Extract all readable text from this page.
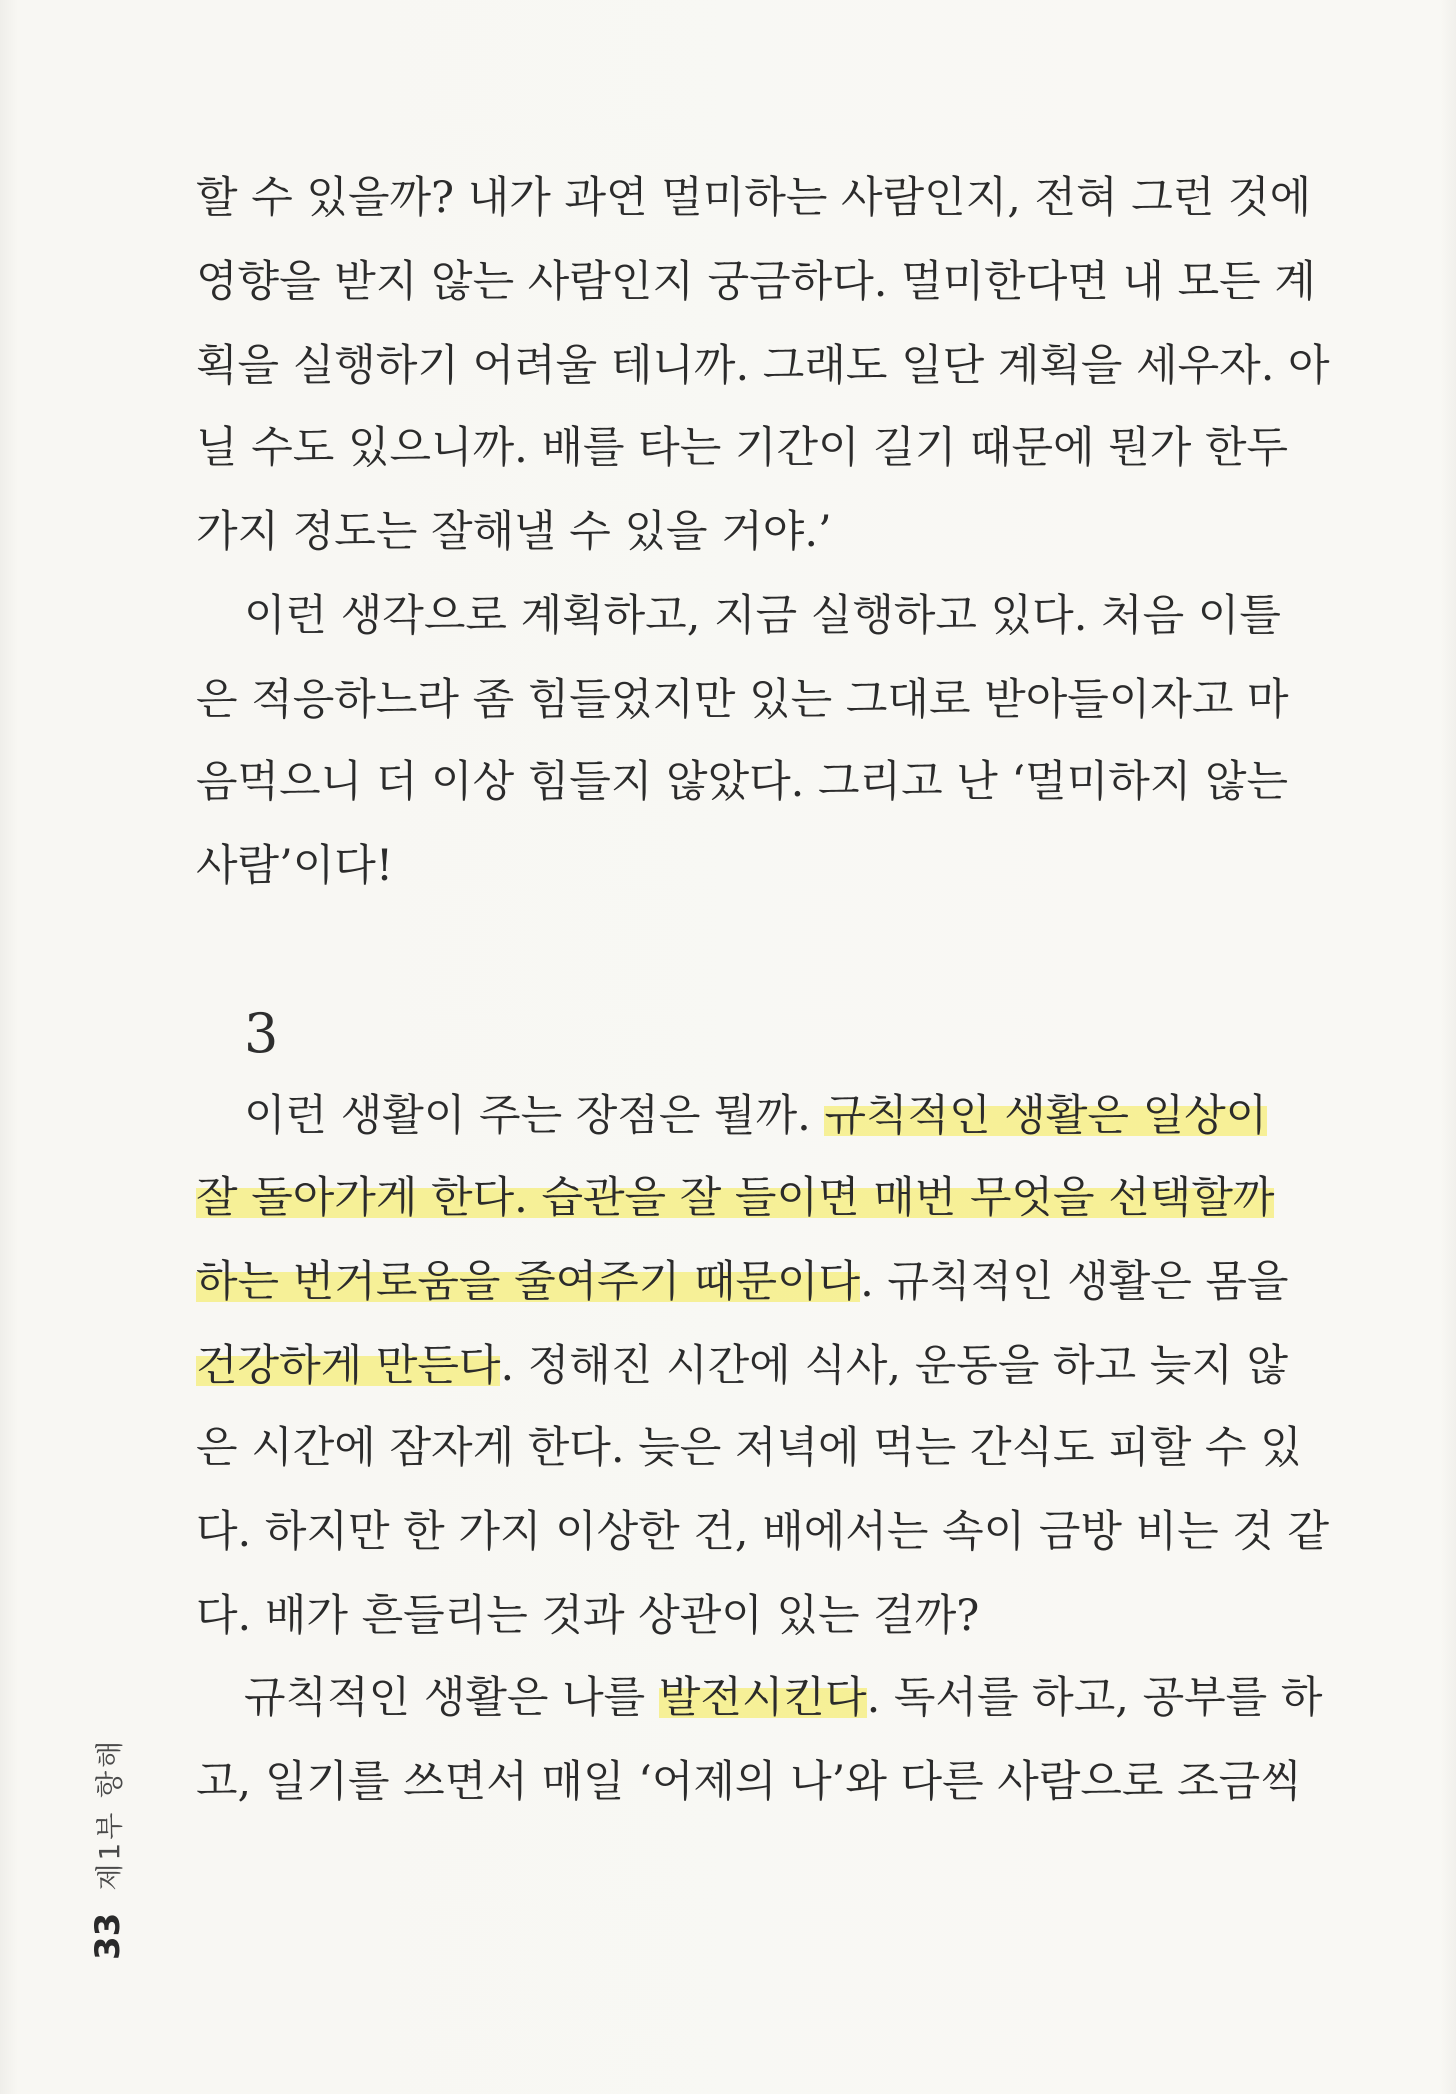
할 수 있을까? 내가 과연 멀미하는 사람인지, 전혀 그런 것에
영향을 받지 않는 사람인지 궁금하다. 멀미한다면 내 모든 계
획을 실행하기 어려울 테니까. 그래도 일단 계획을 세우자. 아
닐 수도 있으니까. 배를 타는 기간이 길기 때문에 뭔가 한두
가지 정도는 잘해낼 수 있을 거야.’
이런 생각으로 계획하고, 지금 실행하고 있다. 처음 이틀
은 적응하느라 좀 힘들었지만 있는 그대로 받아들이자고 마
음먹으니 더 이상 힘들지 않았다. 그리고 난 ‘멀미하지 않는
사람’이다!
이런 생활이 주는 장점은 뭘까. 규칙적인 생활은 일상이
잘 돌아가게 한다. 습관을 잘 들이면 매번 무엇을 선택할까
하는 번거로움을 줄여주기 때문이다. 규칙적인 생활은 몸을
건강하게 만든다. 정해진 시간에 식사, 운동을 하고 늦지 않
은 시간에 잠자게 한다. 늦은 저녁에 먹는 간식도 피할 수 있
다. 하지만 한 가지 이상한 건, 배에서는 속이 금방 비는 것 같
다. 배가 흔들리는 것과 상관이 있는 걸까?
규칙적인 생활은 나를 발전시킨다. 독서를 하고, 공부를 하
고, 일기를 쓰면서 매일 ‘어제의 나’와 다른 사람으로 조금씩
3
33
제1부 항해
